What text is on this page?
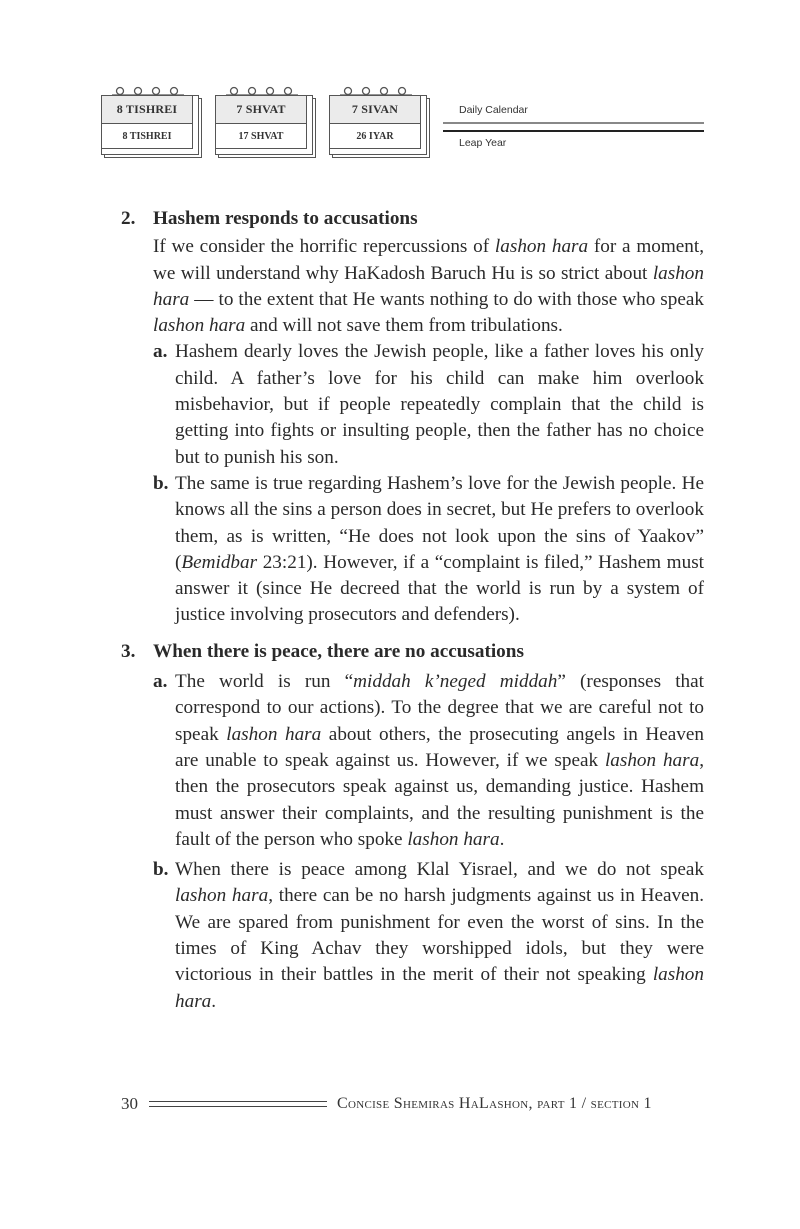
8 TISHREI
8 TISHREI
7 SHVAT
17 SHVAT
7 SIVAN
26 IYAR
Daily Calendar
Leap Year
2. Hashem responds to accusations

If we consider the horrific repercussions of lashon hara for a moment, we will understand why HaKadosh Baruch Hu is so strict about lashon hara — to the extent that He wants nothing to do with those who speak lashon hara and will not save them from tribulations.

a. Hashem dearly loves the Jewish people, like a father loves his only child. A father’s love for his child can make him overlook misbehavior, but if people repeatedly complain that the child is getting into fights or insulting people, then the father has no choice but to punish his son.
b. The same is true regarding Hashem’s love for the Jewish people. He knows all the sins a person does in secret, but He prefers to overlook them, as is written, “He does not look upon the sins of Yaakov” (Bemidbar 23:21). However, if a “complaint is filed,” Hashem must answer it (since He decreed that the world is run by a system of justice involving prosecutors and defenders).
3. When there is peace, there are no accusations
a. The world is run “middah k’neged middah” (responses that correspond to our actions). To the degree that we are careful not to speak lashon hara about others, the prosecuting angels in Heaven are unable to speak against us. However, if we speak lashon hara, then the prosecutors speak against us, demanding justice. Hashem must answer their complaints, and the resulting punishment is the fault of the person who spoke lashon hara.
b. When there is peace among Klal Yisrael, and we do not speak lashon hara, there can be no harsh judgments against us in Heaven. We are spared from punishment for even the worst of sins. In the times of King Achav they worshipped idols, but they were victorious in their battles in the merit of their not speaking lashon hara.
30	Concise Shemiras HaLashon, part 1 / section 1
